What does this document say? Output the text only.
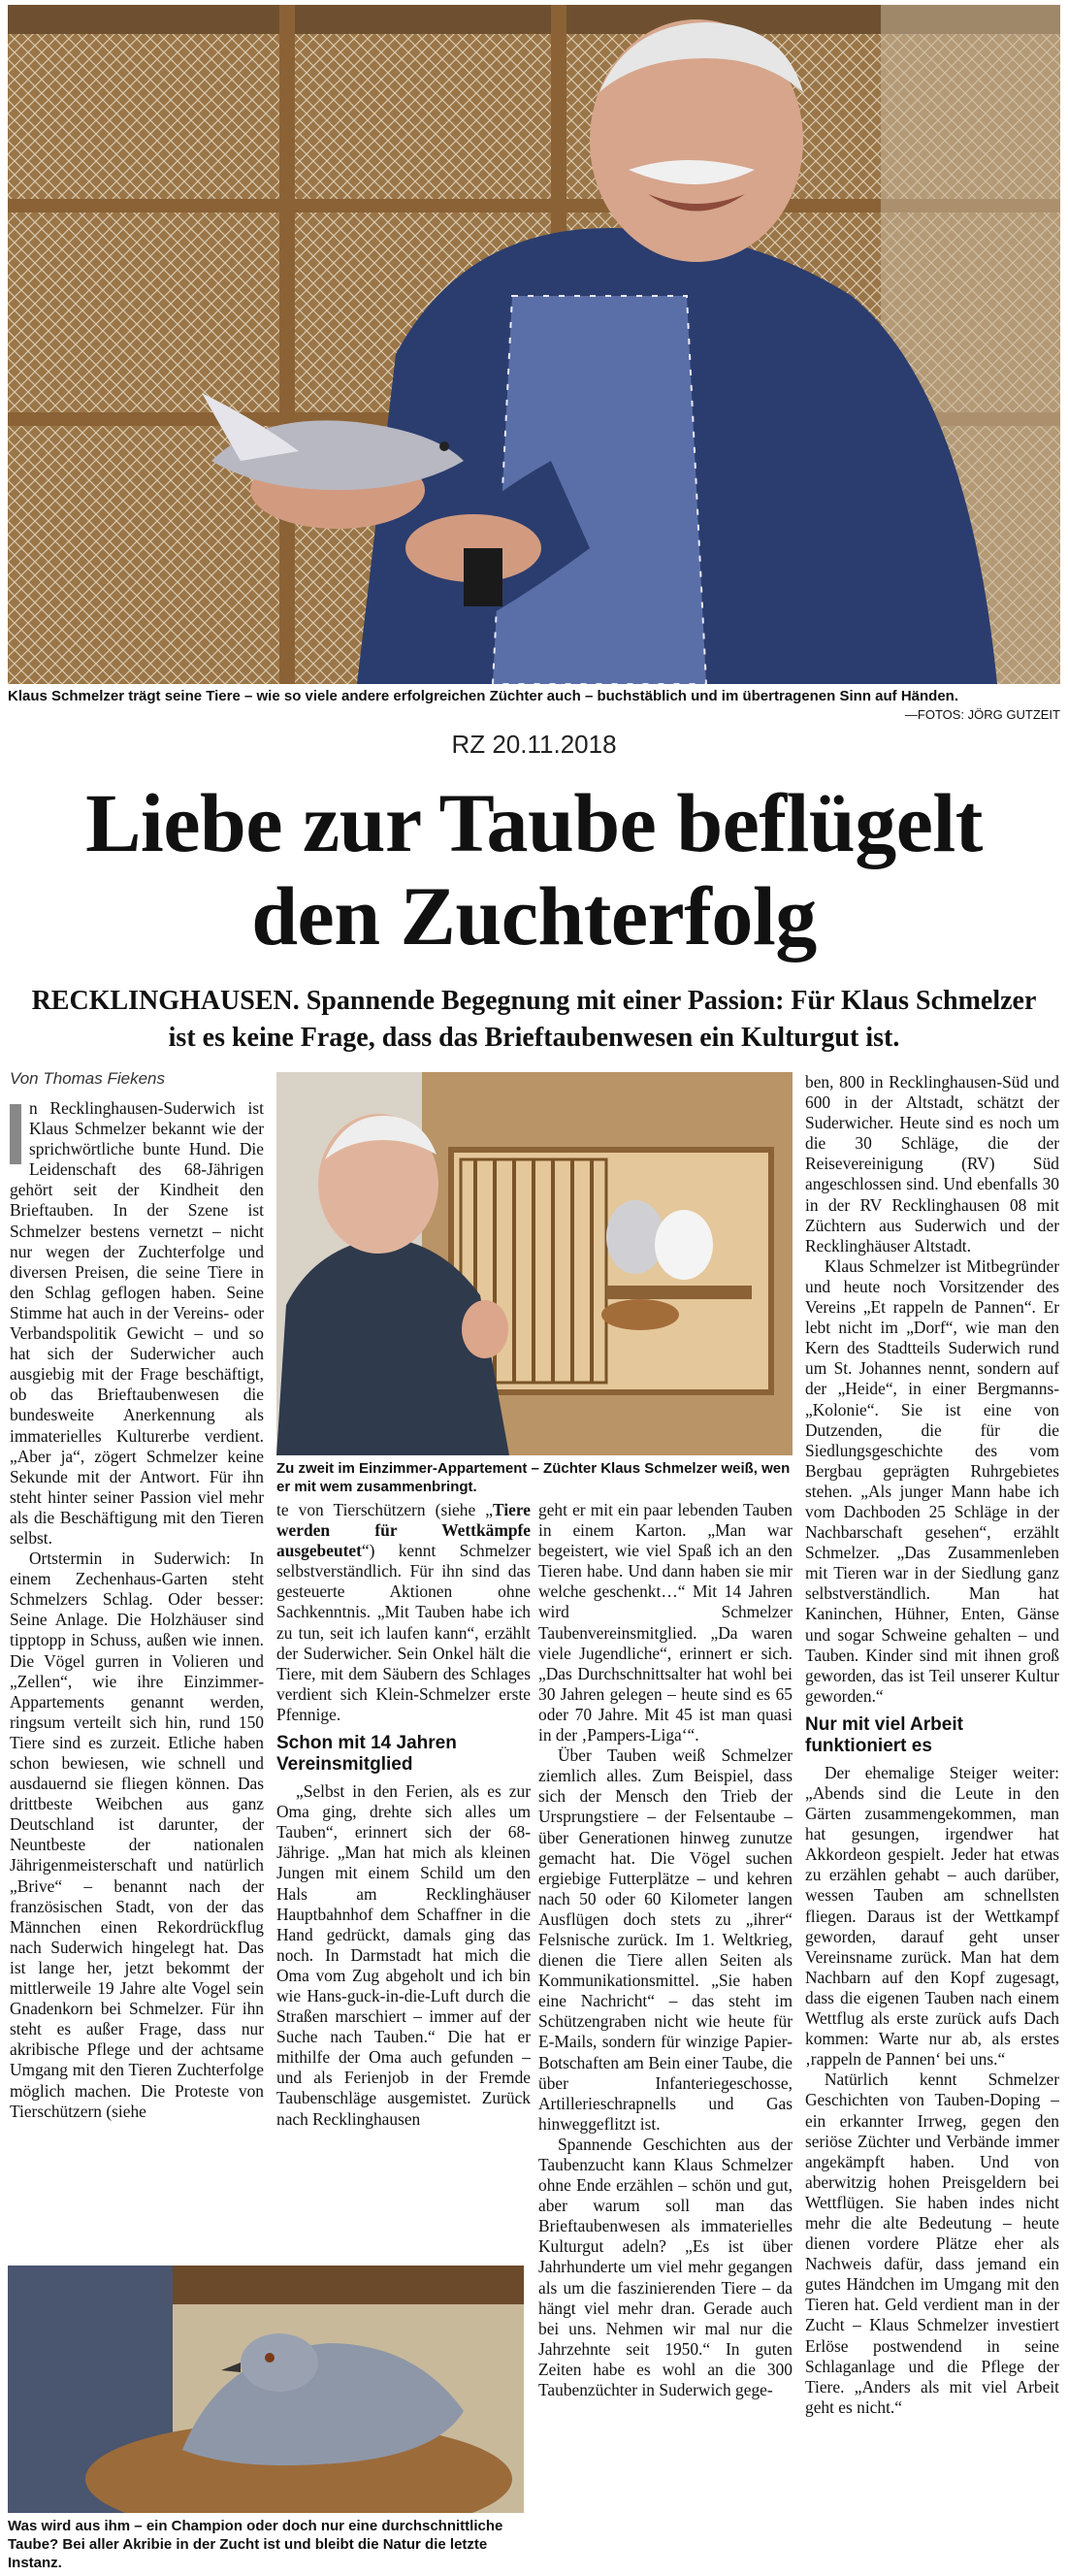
Klaus Schmelzer trägt seine Tiere – wie so viele andere erfolgreichen Züchter auch – buchstäblich und im übertragenen Sinn auf Händen.
—FOTOS: JÖRG GUTZEIT
RZ 20.11.2018
Liebe zur Taube beflügelt
den Zuchterfolg

RECKLINGHAUSEN. Spannende Begegnung mit einer Passion: Für Klaus Schmelzer ist es keine Frage, dass das Brieftaubenwesen ein Kulturgut ist.

Von Thomas Fiekens
Zu zweit im Einzimmer-Appartement – Züchter Klaus Schmelzer weiß, wen er mit wem zusammenbringt.
Was wird aus ihm – ein Champion oder doch nur eine durchschnittliche Taube? Bei aller Akribie in der Zucht ist und bleibt die Natur die letzte Instanz.

n Recklinghausen-Suderwich ist Klaus Schmelzer bekannt wie der sprichwörtliche bunte Hund. Die Leidenschaft des 68-Jährigen gehört seit der Kindheit den Brieftauben. In der Szene ist Schmelzer bestens vernetzt – nicht nur wegen der Zuchterfolge und diversen Preisen, die seine Tiere in den Schlag geflogen haben. Seine Stimme hat auch in der Vereins- oder Verbandspolitik Gewicht – und so hat sich der Suderwicher auch ausgiebig mit der Frage beschäftigt, ob das Brieftaubenwesen die bundesweite Anerkennung als immaterielles Kulturerbe verdient. „Aber ja“, zögert Schmelzer keine Sekunde mit der Antwort. Für ihn steht hinter seiner Passion viel mehr als die Beschäftigung mit den Tieren selbst.

Ortstermin in Suderwich: In einem Zechenhaus-Garten steht Schmelzers Schlag. Oder besser: Seine Anlage. Die Holzhäuser sind tipptopp in Schuss, außen wie innen. Die Vögel gurren in Volieren und „Zellen“, wie ihre Einzimmer-Appartements genannt werden, ringsum verteilt sich hin, rund 150 Tiere sind es zurzeit. Etliche haben schon bewiesen, wie schnell und ausdauernd sie fliegen können. Das drittbeste Weibchen aus ganz Deutschland ist darunter, der Neuntbeste der nationalen Jährigenmeisterschaft und natürlich „Brive“ – benannt nach der französischen Stadt, von der das Männchen einen Rekordrückflug nach Suderwich hingelegt hat. Das ist lange her, jetzt bekommt der mittlerweile 19 Jahre alte Vogel sein Gnadenkorn bei Schmelzer. Für ihn steht es außer Frage, dass nur akribische Pflege und der achtsame Umgang mit den Tieren Zuchterfolge möglich machen. Die Proteste von Tierschützern (siehe

te von Tierschützern (siehe „Tiere werden für Wettkämpfe ausgebeutet“) kennt Schmelzer selbstverständlich. Für ihn sind das gesteuerte Aktionen ohne Sachkenntnis. „Mit Tauben habe ich zu tun, seit ich laufen kann“, erzählt der Suderwicher. Sein Onkel hält die Tiere, mit dem Säubern des Schlages verdient sich Klein-Schmelzer erste Pfennige.

Schon mit 14 Jahren Vereinsmitglied

„Selbst in den Ferien, als es zur Oma ging, drehte sich alles um Tauben“, erinnert sich der 68-Jährige. „Man hat mich als kleinen Jungen mit einem Schild um den Hals am Recklinghäuser Hauptbahnhof dem Schaffner in die Hand gedrückt, damals ging das noch. In Darmstadt hat mich die Oma vom Zug abgeholt und ich bin wie Hans-guck-in-die-Luft durch die Straßen marschiert – immer auf der Suche nach Tauben.“ Die hat er mithilfe der Oma auch gefunden – und als Ferienjob in der Fremde Taubenschläge ausgemistet. Zurück nach Recklinghausen

geht er mit ein paar lebenden Tauben in einem Karton. „Man war begeistert, wie viel Spaß ich an den Tieren habe. Und dann haben sie mir welche geschenkt…“ Mit 14 Jahren wird Schmelzer Taubenvereinsmitglied. „Da waren viele Jugendliche“, erinnert er sich. „Das Durchschnittsalter hat wohl bei 30 Jahren gelegen – heute sind es 65 oder 70 Jahre. Mit 45 ist man quasi in der ‚Pampers-Liga‘“.

Über Tauben weiß Schmelzer ziemlich alles. Zum Beispiel, dass sich der Mensch den Trieb der Ursprungstiere – der Felsentaube – über Generationen hinweg zunutze gemacht hat. Die Vögel suchen ergiebige Futterplätze – und kehren nach 50 oder 60 Kilometer langen Ausflügen doch stets zu „ihrer“ Felsnische zurück. Im 1. Weltkrieg, dienen die Tiere allen Seiten als Kommunikationsmittel. „Sie haben eine Nachricht“ – das steht im Schützengraben nicht wie heute für E-Mails, sondern für winzige Papier-Botschaften am Bein einer Taube, die über Infanteriegeschosse, Artillerieschrapnells und Gas hinweggeflitzt ist.

Spannende Geschichten aus der Taubenzucht kann Klaus Schmelzer ohne Ende erzählen – schön und gut, aber warum soll man das Brieftaubenwesen als immaterielles Kulturgut adeln? „Es ist über Jahrhunderte um viel mehr gegangen als um die faszinierenden Tiere – da hängt viel mehr dran. Gerade auch bei uns. Nehmen wir mal nur die Jahrzehnte seit 1950.“ In guten Zeiten habe es wohl an die 300 Taubenzüchter in Suderwich gege-

ben, 800 in Recklinghausen-Süd und 600 in der Altstadt, schätzt der Suderwicher. Heute sind es noch um die 30 Schläge, die der Reisevereinigung (RV) Süd angeschlossen sind. Und ebenfalls 30 in der RV Recklinghausen 08 mit Züchtern aus Suderwich und der Recklinghäuser Altstadt.

Klaus Schmelzer ist Mitbegründer und heute noch Vorsitzender des Vereins „Et rappeln de Pannen“. Er lebt nicht im „Dorf“, wie man den Kern des Stadtteils Suderwich rund um St. Johannes nennt, sondern auf der „Heide“, in einer Bergmanns-„Kolonie“. Sie ist eine von Dutzenden, die für die Siedlungsgeschichte des vom Bergbau geprägten Ruhrgebietes stehen. „Als junger Mann habe ich vom Dachboden 25 Schläge in der Nachbarschaft gesehen“, erzählt Schmelzer. „Das Zusammenleben mit Tieren war in der Siedlung ganz selbstverständlich. Man hat Kaninchen, Hühner, Enten, Gänse und sogar Schweine gehalten – und Tauben. Kinder sind mit ihnen groß geworden, das ist Teil unserer Kultur geworden.“

Nur mit viel Arbeit funktioniert es

Der ehemalige Steiger weiter: „Abends sind die Leute in den Gärten zusammengekommen, man hat gesungen, irgendwer hat Akkordeon gespielt. Jeder hat etwas zu erzählen gehabt – auch darüber, wessen Tauben am schnellsten fliegen. Daraus ist der Wettkampf geworden, darauf geht unser Vereinsname zurück. Man hat dem Nachbarn auf den Kopf zugesagt, dass die eigenen Tauben nach einem Wettflug als erste zurück aufs Dach kommen: Warte nur ab, als erstes ‚rappeln de Pannen‘ bei uns.“

Natürlich kennt Schmelzer Geschichten von Tauben-Doping – ein erkannter Irrweg, gegen den seriöse Züchter und Verbände immer angekämpft haben. Und von aberwitzig hohen Preisgeldern bei Wettflügen. Sie haben indes nicht mehr die alte Bedeutung – heute dienen vordere Plätze eher als Nachweis dafür, dass jemand ein gutes Händchen im Umgang mit den Tieren hat. Geld verdient man in der Zucht – Klaus Schmelzer investiert Erlöse postwendend in seine Schlaganlage und die Pflege der Tiere. „Anders als mit viel Arbeit geht es nicht.“
